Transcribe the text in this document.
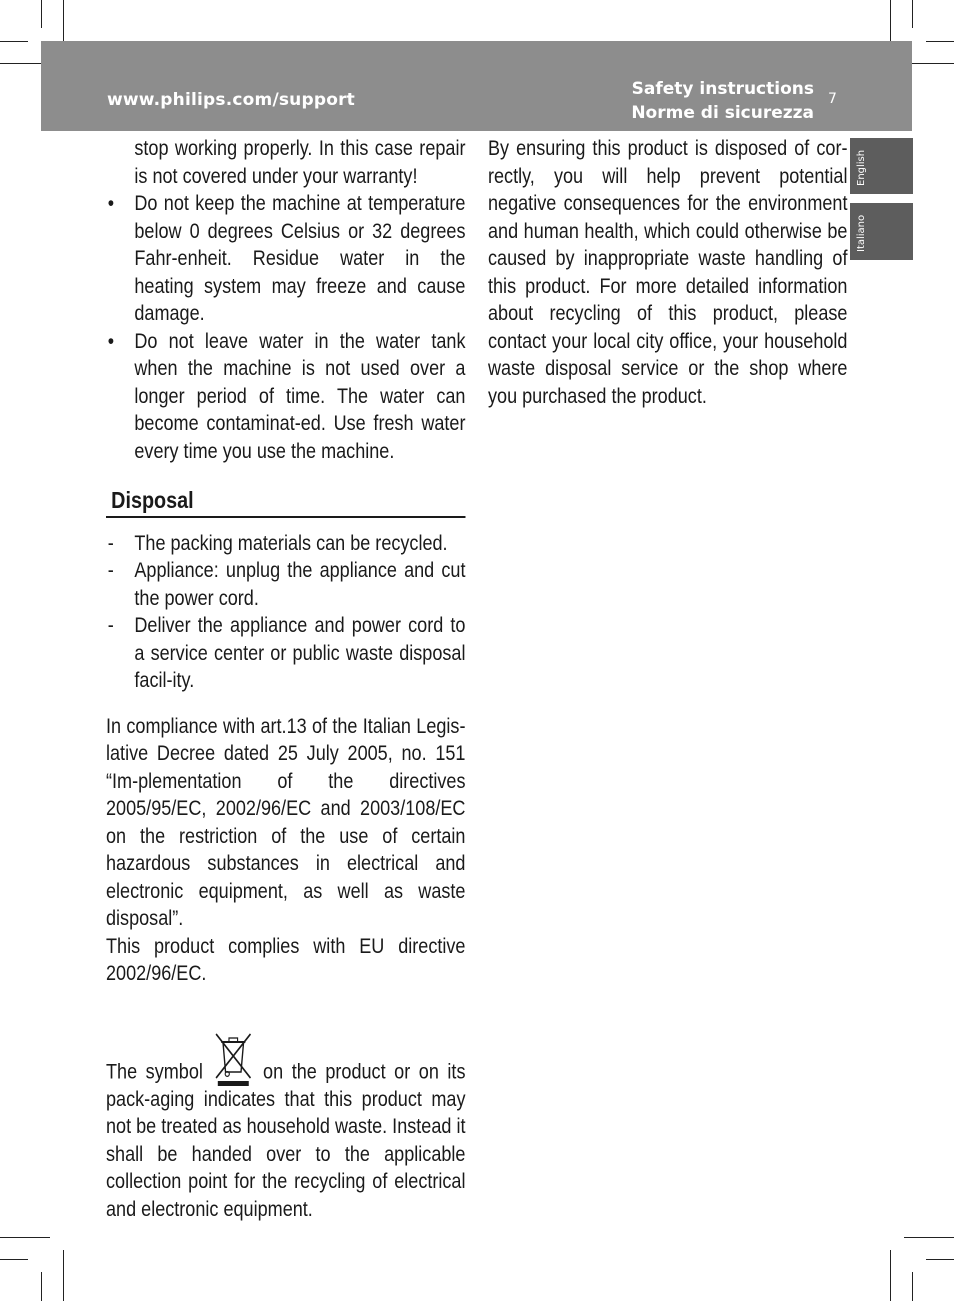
www.philips.com/support
Safety instructions
Norme di sicurezza
7
English
Italiano
stop working properly. In this case repair is not covered under your warranty!
• Do not keep the machine at temperature below 0 degrees Celsius or 32 degrees Fahr-enheit. Residue water in the heating system may freeze and cause damage.
• Do not leave water in the water tank when the machine is not used over a longer period of time. The water can become contaminat-ed. Use fresh water every time you use the machine.
Disposal
- The packing materials can be recycled.
- Appliance: unplug the appliance and cut the power cord.
- Deliver the appliance and power cord to a service center or public waste disposal facil-ity.

In compliance with art.13 of the Italian Legis-lative Decree dated 25 July 2005, no. 151 “Im-plementation of the directives 2005/95/EC, 2002/96/EC and 2003/108/EC on the restriction of the use of certain hazardous substances in electrical and electronic equipment, as well as waste disposal”.

This product complies with EU directive 2002/96/EC.

The symbol	on the product or on its pack-aging indicates that this product may not be treated as household waste. Instead it shall be handed over to the applicable collection point for the recycling of electrical and electronic equipment.

By ensuring this product is disposed of cor-rectly, you will help prevent potential negative consequences for the environment and human health, which could otherwise be caused by inappropriate waste handling of this product. For more detailed information about recycling of this product, please contact your local city office, your household waste disposal service or the shop where you purchased the product.
